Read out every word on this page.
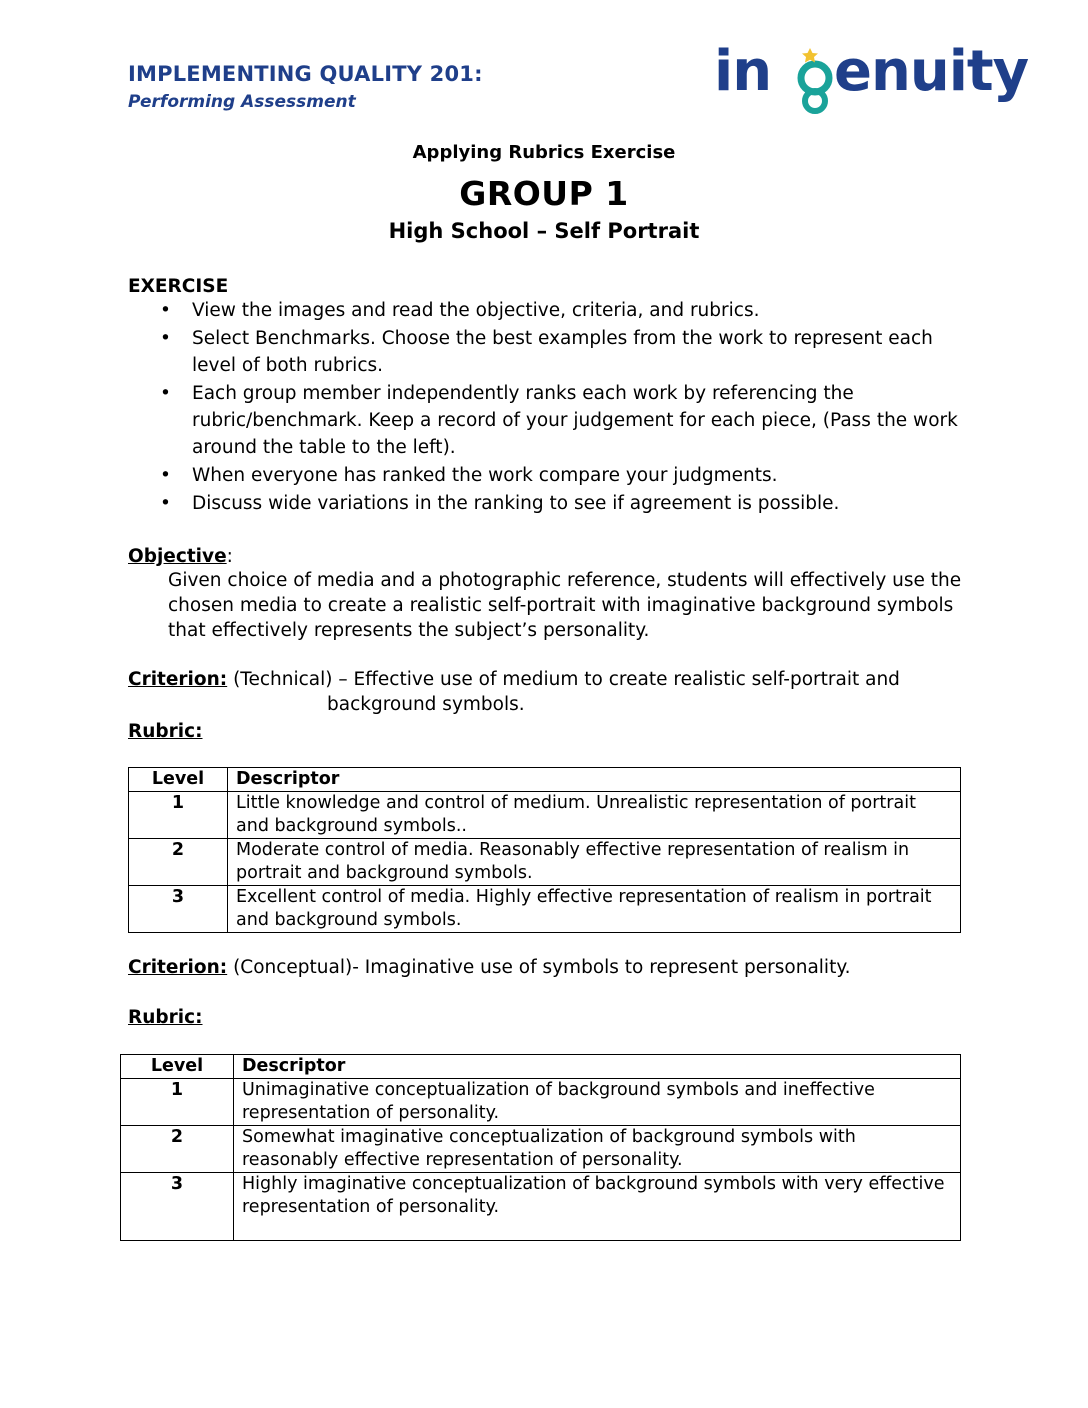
IMPLEMENTING QUALITY 201:
Performing Assessment	in enuity
Applying Rubrics Exercise
GROUP 1
High School – Self Portrait
EXERCISE
• View the images and read the objective, criteria, and rubrics.
• Select Benchmarks. Choose the best examples from the work to represent each level of both rubrics.
• Each group member independently ranks each work by referencing the rubric/benchmark. Keep a record of your judgement for each piece, (Pass the work around the table to the left).
• When everyone has ranked the work compare your judgments.
• Discuss wide variations in the ranking to see if agreement is possible.
Objective:
Given choice of media and a photographic reference, students will effectively use the chosen media to create a realistic self-portrait with imaginative background symbols that effectively represents the subject’s personality.
Criterion: (Technical) – Effective use of medium to create realistic self-portrait and
background symbols.
Rubric:
Level	Descriptor
1	Little knowledge and control of medium. Unrealistic representation of portrait and background symbols..
2	Moderate control of media. Reasonably effective representation of realism in portrait and background symbols.
3	Excellent control of media. Highly effective representation of realism in portrait and background symbols.
Criterion: (Conceptual)- Imaginative use of symbols to represent personality.
Rubric:
Level	Descriptor
1	Unimaginative conceptualization of background symbols and ineffective representation of personality.
2	Somewhat imaginative conceptualization of background symbols with reasonably effective representation of personality.
3	Highly imaginative conceptualization of background symbols with very effective representation of personality.
